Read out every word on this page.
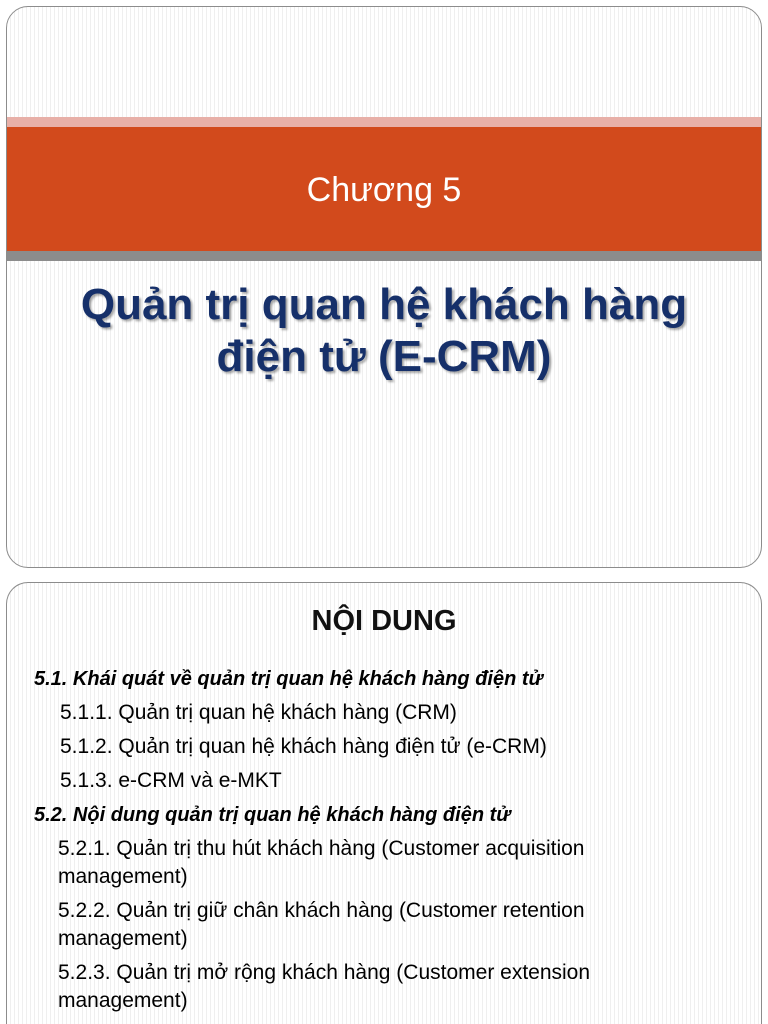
Chương 5
Quản trị quan hệ khách hàng
điện tử (E-CRM)
NỘI DUNG
5.1. Khái quát về quản trị quan hệ khách hàng điện tử
5.1.1. Quản trị quan hệ khách hàng (CRM)
5.1.2. Quản trị quan hệ khách hàng điện tử (e-CRM)
5.1.3. e-CRM và e-MKT
5.2. Nội dung quản trị quan hệ khách hàng điện tử
5.2.1. Quản trị thu hút khách hàng (Customer acquisition management)
5.2.2. Quản trị giữ chân khách hàng (Customer retention management)
5.2.3. Quản trị mở rộng khách hàng (Customer extension management)
